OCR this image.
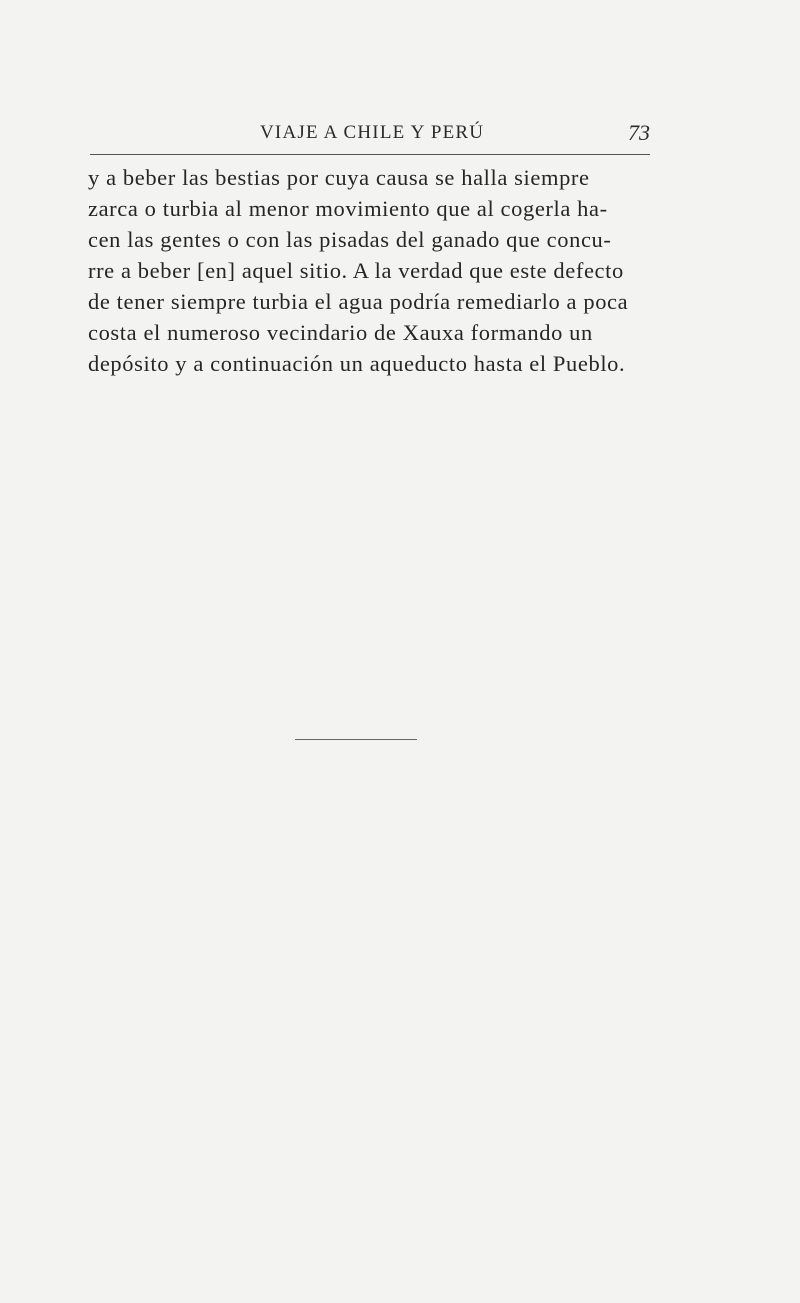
VIAJE A CHILE Y PERÚ	73

y a beber las bestias por cuya causa se halla siempre
zarca o turbia al menor movimiento que al cogerla ha-
cen las gentes o con las pisadas del ganado que concu-
rre a beber [en] aquel sitio. A la verdad que este defecto
de tener siempre turbia el agua podría remediarlo a poca
costa el numeroso vecindario de Xauxa formando un
depósito y a continuación un aqueducto hasta el Pueblo.
